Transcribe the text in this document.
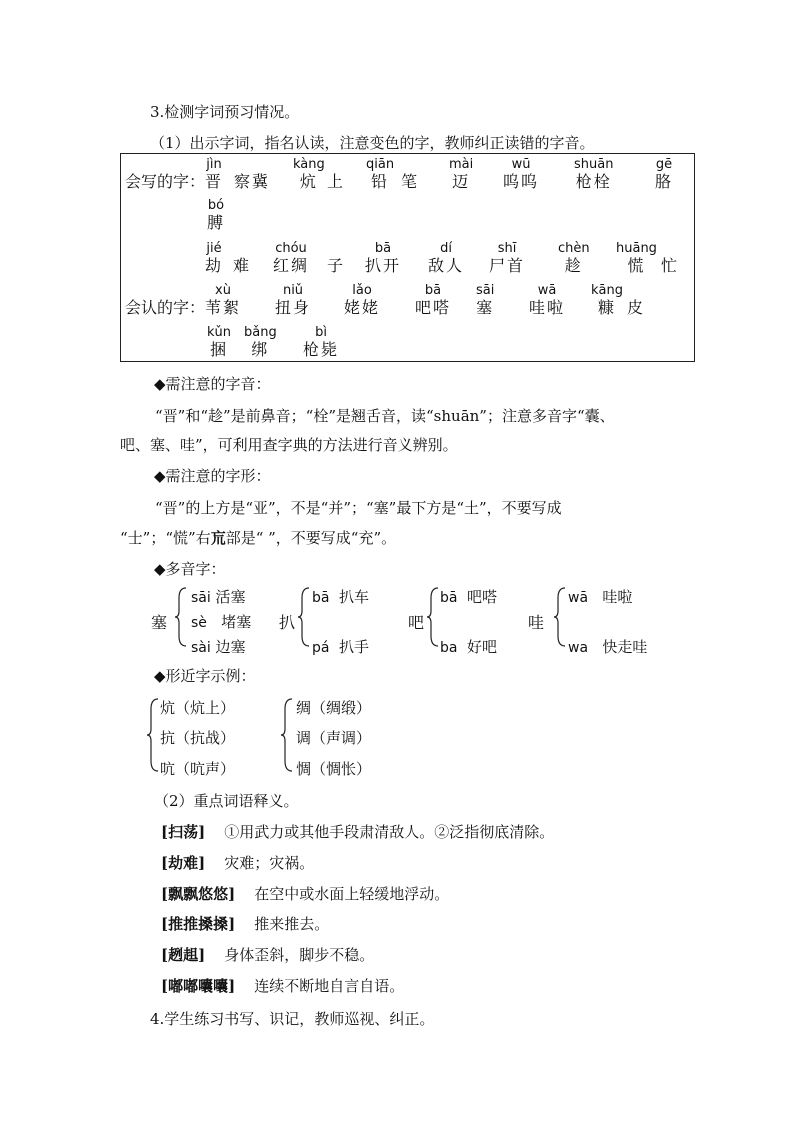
3.检测字词预习情况。
（1）出示字词，指名认读，注意变色的字，教师纠正读错的字音。
会写的字：
jìn
晋 察冀
kàng
炕 上
qiān
铅 笔
mài
迈
wū
呜呜
shuān
枪栓
gē
胳
bó
膊
jié
劫 难
chóu
红绸 子
bā
扒开
dí
敌人
shī
尸首
chèn
趁
huāng
慌 忙
会认的字：
xù
苇絮
niǔ
扭身
lǎo
姥姥
bā
吧嗒
sāi
塞
wā
哇啦
kāng
糠 皮
kǔn
捆
bǎng
绑
bì
枪毙
◆需注意的字音：
“晋”和“趁”是前鼻音；“栓”是翘舌音，读“shuān”；注意多音字“囊、
吧、塞、哇”，可利用查字典的方法进行音义辨别。
◆需注意的字形：
“晋”的上方是“亚”，不是“并”；“塞”最下方是“土”，不要写成
“士”；“慌”右巟部是“ ”，不要写成“充”。
◆多音字：
塞
sāi 活塞
sè 堵塞
sài 边塞
扒
bā 扒车
pá 扒手
吧
bā 吧嗒
ba 好吧
哇
wā 哇啦
wa 快走哇
◆形近字示例：
炕（炕上）
抗（抗战）
吭（吭声）
绸（绸缎）
调（声调）
惆（惆怅）
（2）重点词语释义。
[扫荡] ①用武力或其他手段肃清敌人。②泛指彻底清除。
[劫难] 灾难；灾祸。
[飘飘悠悠] 在空中或水面上轻缓地浮动。
[推推搡搡] 推来推去。
[趔趄] 身体歪斜，脚步不稳。
[嘟嘟囔囔] 连续不断地自言自语。
4.学生练习书写、识记，教师巡视、纠正。
